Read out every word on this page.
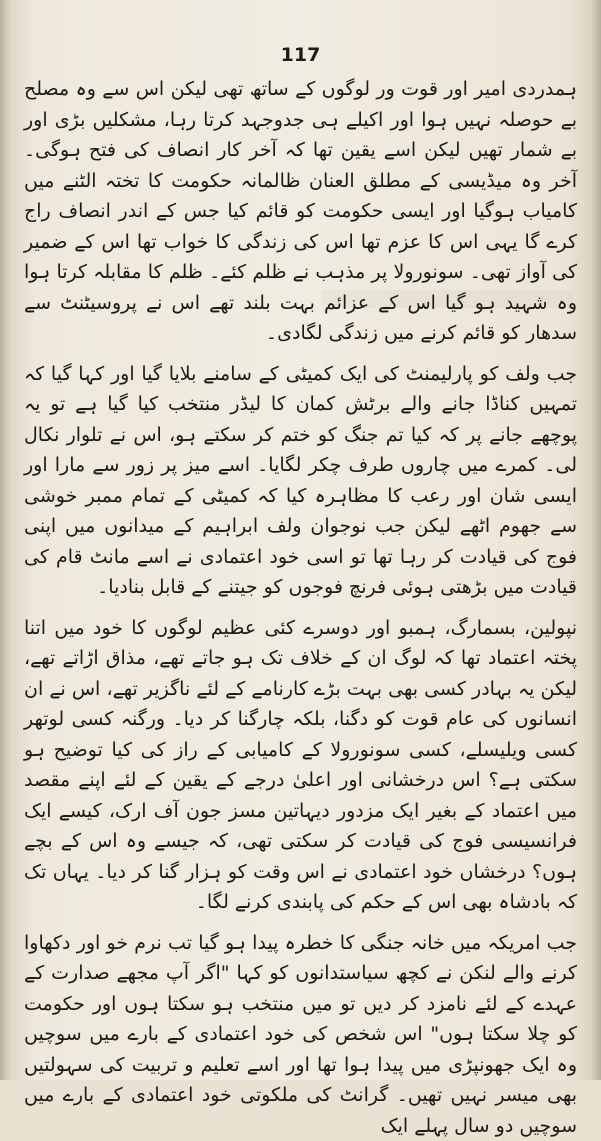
117

ہمدردی امیر اور قوت ور لوگوں کے ساتھ تھی لیکن اس سے وہ مصلح بے حوصلہ نہیں ہوا اور اکیلے ہی جدوجہد کرتا رہا، مشکلیں بڑی اور بے شمار تھیں لیکن اسے یقین تھا کہ آخر کار انصاف کی فتح ہوگی۔ آخر وہ میڈیسی کے مطلق العنان ظالمانہ حکومت کا تختہ الٹنے میں کامیاب ہوگیا اور ایسی حکومت کو قائم کیا جس کے اندر انصاف راج کرے گا یہی اس کا عزم تھا اس کی زندگی کا خواب تھا اس کے ضمیر کی آواز تھی۔ سونورولا پر مذہب نے ظلم کئے۔ ظلم کا مقابلہ کرتا ہوا وہ شہید ہو گیا اس کے عزائم بہت بلند تھے اس نے پروسیٹنٹ سے سدھار کو قائم کرنے میں زندگی لگادی۔

جب ولف کو پارلیمنٹ کی ایک کمیٹی کے سامنے بلایا گیا اور کہا گیا کہ تمہیں کناڈا جانے والے برٹش کمان کا لیڈر منتخب کیا گیا ہے تو یہ پوچھے جانے پر کہ کیا تم جنگ کو ختم کر سکتے ہو، اس نے تلوار نکال لی۔ کمرے میں چاروں طرف چکر لگایا۔ اسے میز پر زور سے مارا اور ایسی شان اور رعب کا مظاہرہ کیا کہ کمیٹی کے تمام ممبر خوشی سے جھوم اٹھے لیکن جب نوجوان ولف ابراہیم کے میدانوں میں اپنی فوج کی قیادت کر رہا تھا تو اسی خود اعتمادی نے اسے مانٹ قام کی قیادت میں بڑھتی ہوئی فرنچ فوجوں کو جیتنے کے قابل بنادیا۔

نپولین، بسمارگ، ہمبو اور دوسرے کئی عظیم لوگوں کا خود میں اتنا پختہ اعتماد تھا کہ لوگ ان کے خلاف تک ہو جاتے تھے، مذاق اڑاتے تھے، لیکن یہ بہادر کسی بھی بہت بڑے کارنامے کے لئے ناگزیر تھے، اس نے ان انسانوں کی عام قوت کو دگنا، بلکہ چارگنا کر دیا۔ ورگنہ کسی لوتھر کسی ویلیسلے، کسی سونورولا کے کامیابی کے راز کی کیا توضیح ہو سکتی ہے؟ اس درخشانی اور اعلیٰ درجے کے یقین کے لئے اپنے مقصد میں اعتماد کے بغیر ایک مزدور دیہاتین مسز جون آف ارک، کیسے ایک فرانسیسی فوج کی قیادت کر سکتی تھی، کہ جیسے وہ اس کے بچے ہوں؟ درخشاں خود اعتمادی نے اس وقت کو ہزار گنا کر دیا۔ یہاں تک کہ بادشاہ بھی اس کے حکم کی پابندی کرنے لگا۔

جب امریکہ میں خانہ جنگی کا خطرہ پیدا ہو گیا تب نرم خو اور دکھاوا کرنے والے لنکن نے کچھ سیاستدانوں کو کہا "اگر آپ مجھے صدارت کے عہدے کے لئے نامزد کر دیں تو میں منتخب ہو سکتا ہوں اور حکومت کو چلا سکتا ہوں" اس شخص کی خود اعتمادی کے بارے میں سوچیں وہ ایک جھونپڑی میں پیدا ہوا تھا اور اسے تعلیم و تربیت کی سہولتیں بھی میسر نہیں تھیں۔ گرانٹ کی ملکوتی خود اعتمادی کے بارے میں سوچیں دو سال پہلے ایک
